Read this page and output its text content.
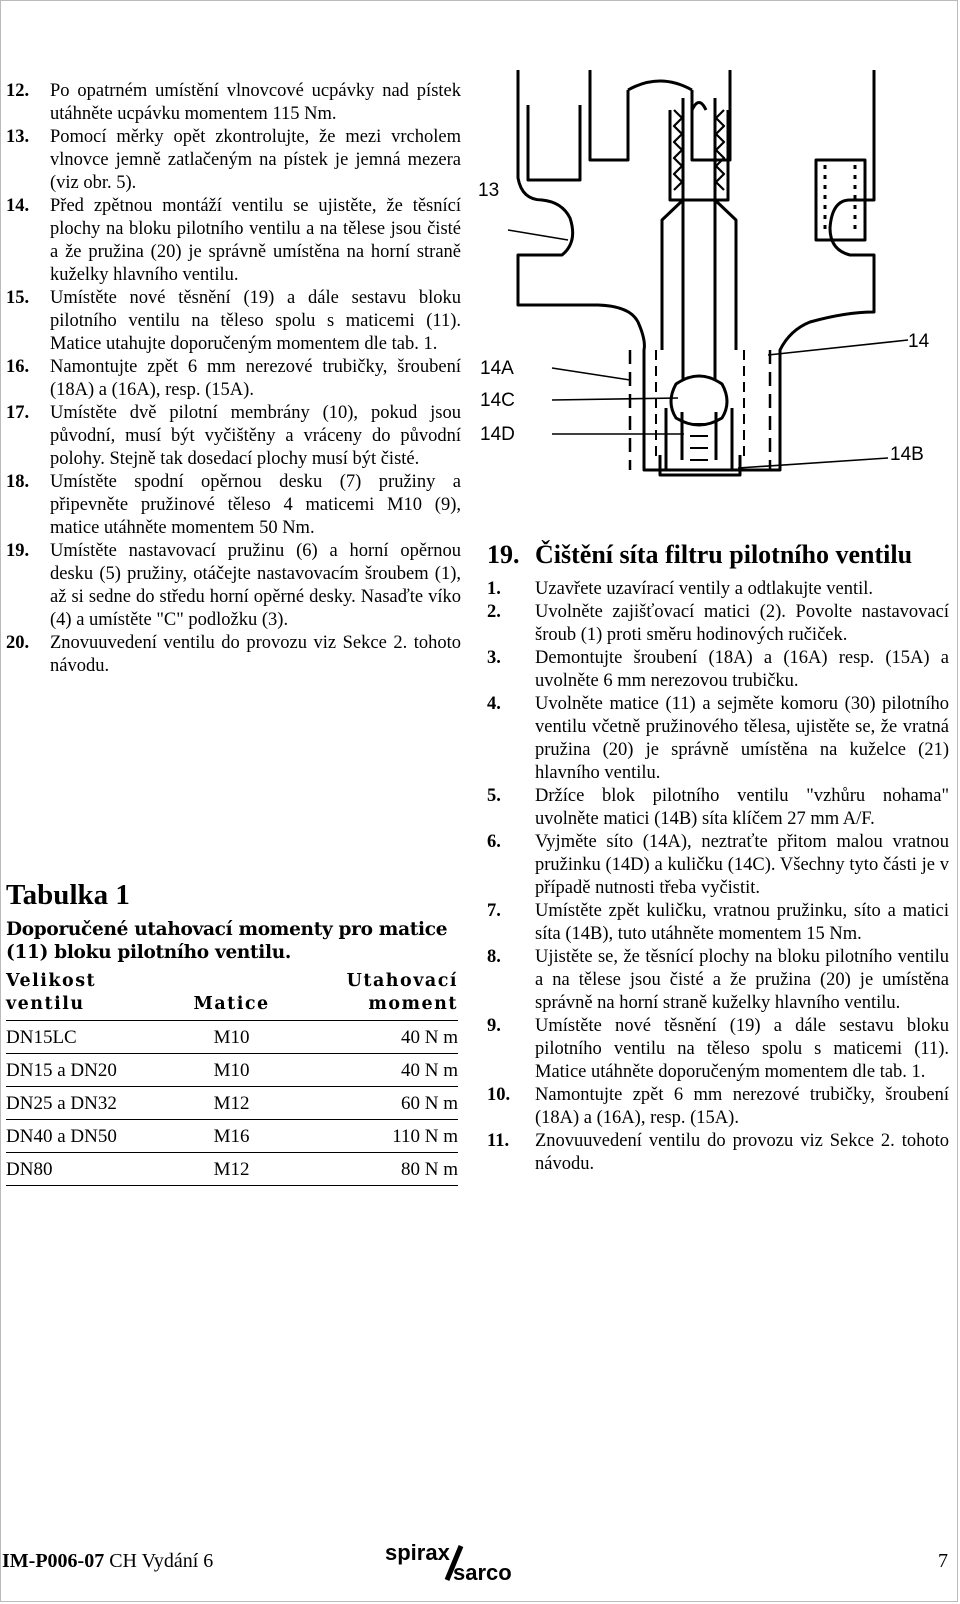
12. Po opatrném umístění vlnovcové ucpávky nad pístek utáhněte ucpávku momentem 115 Nm.
13. Pomocí měrky opět zkontrolujte, že mezi vrcholem vlnovce jemně zatlačeným na pístek je jemná mezera (viz obr. 5).
14. Před zpětnou montáží ventilu se ujistěte, že těsnící plochy na bloku pilotního ventilu a na tělese jsou čisté a že pružina (20) je správně umístěna na horní straně kuželky hlavního ventilu.
15. Umístěte nové těsnění (19) a dále sestavu bloku pilotního ventilu na těleso spolu s maticemi (11). Matice utahujte doporučeným momentem dle tab. 1.
16. Namontujte zpět 6 mm nerezové trubičky, šroubení (18A) a (16A), resp. (15A).
17. Umístěte dvě pilotní membrány (10), pokud jsou původní, musí být vyčištěny a vráceny do původní polohy. Stejně tak dosedací plochy musí být čisté.
18. Umístěte spodní opěrnou desku (7) pružiny a připevněte pružinové těleso 4 maticemi M10 (9), matice utáhněte momentem 50 Nm.
19. Umístěte nastavovací pružinu (6) a horní opěrnou desku (5) pružiny, otáčejte nastavovacím šroubem (1), až si sedne do středu horní opěrné desky. Nasaďte víko (4) a umístěte "C" podložku (3).
20. Znovuuvedení ventilu do provozu viz Sekce 2. tohoto návodu.
Tabulka 1
Doporučené utahovací momenty pro matice (11) bloku pilotního ventilu.
Velikost
ventilu	Matice	Utahovací
moment
DN15LC	M10	40 N m
DN15 a DN20	M10	40 N m
DN25 a DN32	M12	60 N m
DN40 a DN50	M16	110 N m
DN80	M12	80 N m
13
14
14A
14C
14D
14B
19. Čištění síta filtru pilotního ventilu
1. Uzavřete uzavírací ventily a odtlakujte ventil.
2. Uvolněte zajišťovací matici (2). Povolte nastavovací šroub (1) proti směru hodinových ručiček.
3. Demontujte šroubení (18A) a (16A) resp. (15A) a uvolněte 6 mm nerezovou trubičku.
4. Uvolněte matice (11) a sejměte komoru (30) pilotního ventilu včetně pružinového tělesa, ujistěte se, že vratná pružina (20) je správně umístěna na kuželce (21) hlavního ventilu.
5. Držíce blok pilotního ventilu "vzhůru nohama" uvolněte matici (14B) síta klíčem 27 mm A/F.
6. Vyjměte síto (14A), neztraťte přitom malou vratnou pružinku (14D) a kuličku (14C). Všechny tyto části je v případě nutnosti třeba vyčistit.
7. Umístěte zpět kuličku, vratnou pružinku, síto a matici síta (14B), tuto utáhněte momentem 15 Nm.
8. Ujistěte se, že těsnící plochy na bloku pilotního ventilu a na tělese jsou čisté a že pružina (20) je umístěna správně na horní straně kuželky hlavního ventilu.
9. Umístěte nové těsnění (19) a dále sestavu bloku pilotního ventilu na těleso spolu s maticemi (11). Matice utáhněte doporučeným momentem dle tab. 1.
10. Namontujte zpět 6 mm nerezové trubičky, šroubení (18A) a (16A), resp. (15A).
11. Znovuuvedení ventilu do provozu viz Sekce 2. tohoto návodu.
IM-P006-07 CH Vydání 6	spirax
sarco	7
